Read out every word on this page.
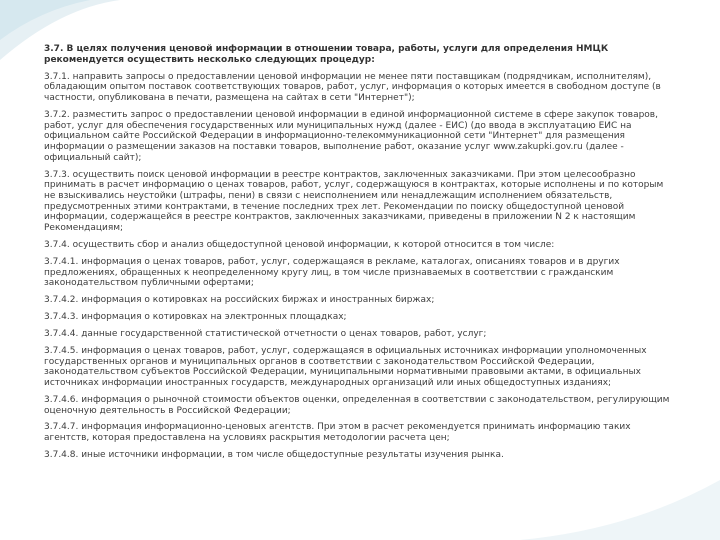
3.7. В целях получения ценовой информации в отношении товара, работы, услуги для определения НМЦК рекомендуется осуществить несколько следующих процедур:

3.7.1. направить запросы о предоставлении ценовой информации не менее пяти поставщикам (подрядчикам, исполнителям), обладающим опытом поставок соответствующих товаров, работ, услуг, информация о которых имеется в свободном доступе (в частности, опубликована в печати, размещена на сайтах в сети "Интернет");

3.7.2. разместить запрос о предоставлении ценовой информации в единой информационной системе в сфере закупок товаров, работ, услуг для обеспечения государственных или муниципальных нужд (далее - ЕИС) (до ввода в эксплуатацию ЕИС на официальном сайте Российской Федерации в информационно-телекоммуникационной сети "Интернет" для размещения информации о размещении заказов на поставки товаров, выполнение работ, оказание услуг www.zakupki.gov.ru (далее - официальный сайт);

3.7.3. осуществить поиск ценовой информации в реестре контрактов, заключенных заказчиками. При этом целесообразно принимать в расчет информацию о ценах товаров, работ, услуг, содержащуюся в контрактах, которые исполнены и по которым не взыскивались неустойки (штрафы, пени) в связи с неисполнением или ненадлежащим исполнением обязательств, предусмотренных этими контрактами, в течение последних трех лет. Рекомендации по поиску общедоступной ценовой информации, содержащейся в реестре контрактов, заключенных заказчиками, приведены в приложении N 2 к настоящим Рекомендациям;

3.7.4. осуществить сбор и анализ общедоступной ценовой информации, к которой относится в том числе:

3.7.4.1. информация о ценах товаров, работ, услуг, содержащаяся в рекламе, каталогах, описаниях товаров и в других предложениях, обращенных к неопределенному кругу лиц, в том числе признаваемых в соответствии с гражданским законодательством публичными офертами;

3.7.4.2. информация о котировках на российских биржах и иностранных биржах;

3.7.4.3. информация о котировках на электронных площадках;

3.7.4.4. данные государственной статистической отчетности о ценах товаров, работ, услуг;

3.7.4.5. информация о ценах товаров, работ, услуг, содержащаяся в официальных источниках информации уполномоченных государственных органов и муниципальных органов в соответствии с законодательством Российской Федерации, законодательством субъектов Российской Федерации, муниципальными нормативными правовыми актами, в официальных источниках информации иностранных государств, международных организаций или иных общедоступных изданиях;

3.7.4.6. информация о рыночной стоимости объектов оценки, определенная в соответствии с законодательством, регулирующим оценочную деятельность в Российской Федерации;

3.7.4.7. информация информационно-ценовых агентств. При этом в расчет рекомендуется принимать информацию таких агентств, которая предоставлена на условиях раскрытия методологии расчета цен;

3.7.4.8. иные источники информации, в том числе общедоступные результаты изучения рынка.
